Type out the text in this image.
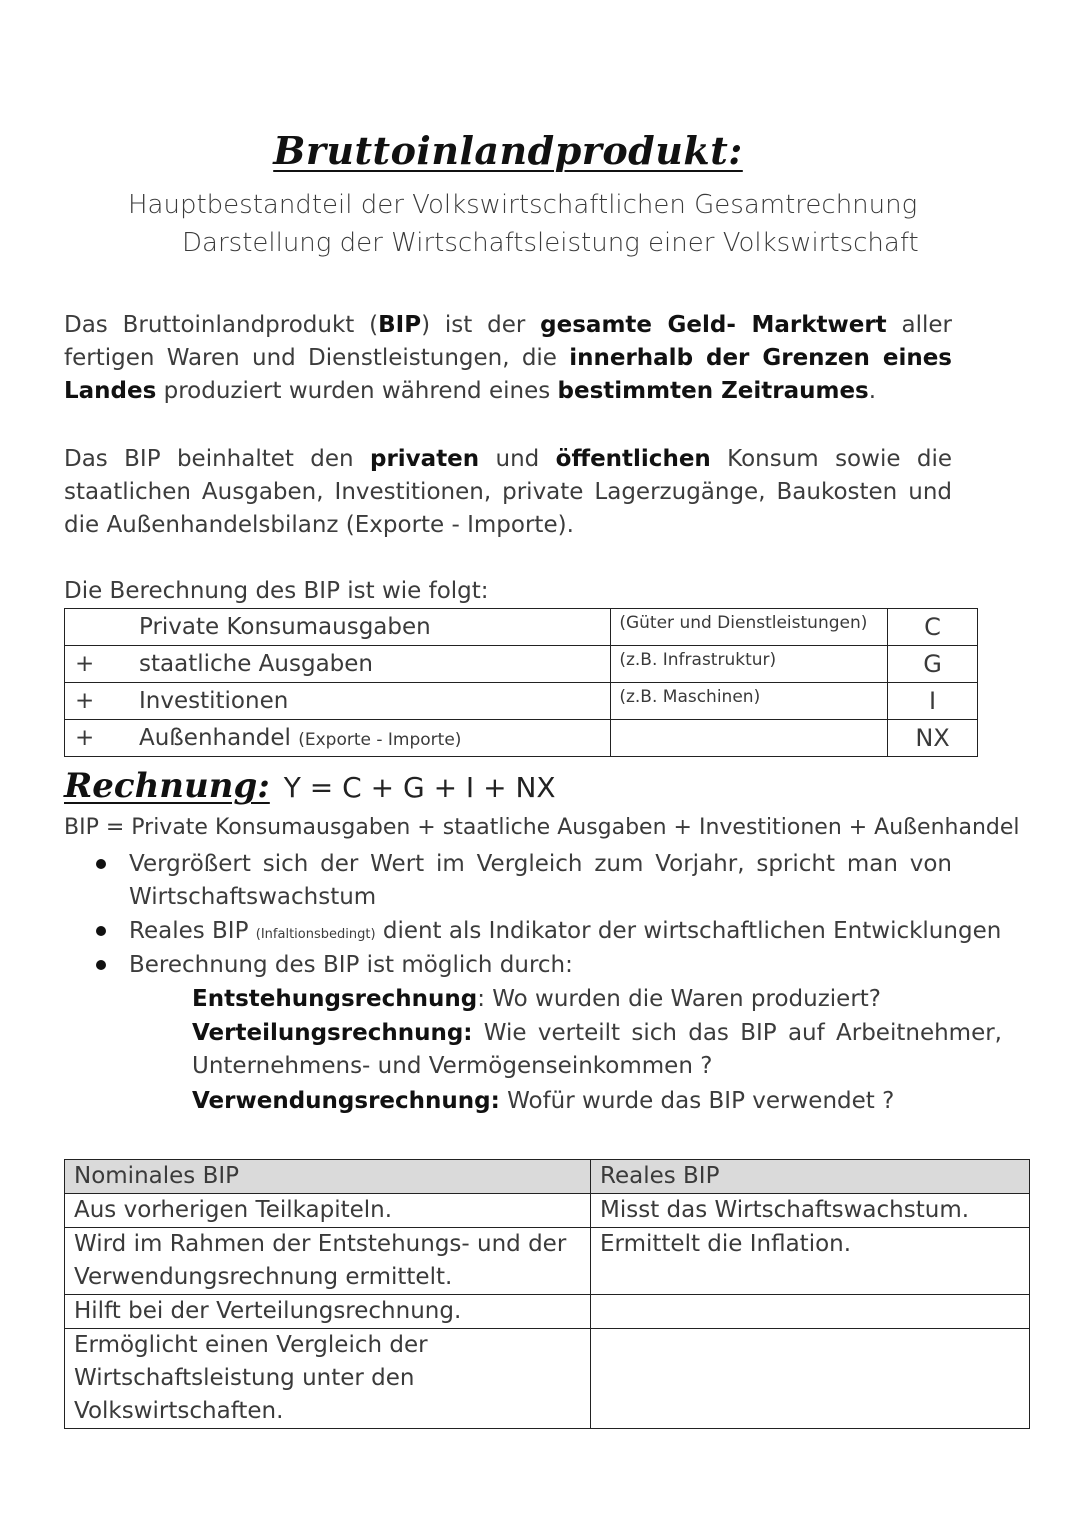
Bruttoinlandprodukt:
Hauptbestandteil der Volkswirtschaftlichen Gesamtrechnung
Darstellung der Wirtschaftsleistung einer Volkswirtschaft
Das Bruttoinlandprodukt (BIP) ist der gesamte Geld- Marktwert aller fertigen Waren und Dienstleistungen, die innerhalb der Grenzen eines Landes produziert wurden während eines bestimmten Zeitraumes.
Das BIP beinhaltet den privaten und öffentlichen Konsum sowie die staatlichen Ausgaben, Investitionen, private Lagerzugänge, Baukosten und die Außenhandelsbilanz (Exporte - Importe).
Die Berechnung des BIP ist wie folgt:
Private Konsumausgaben	(Güter und Dienstleistungen)	C
+ staatliche Ausgaben	(z.B. Infrastruktur)	G
+ Investitionen	(z.B. Maschinen)	I
+ Außenhandel (Exporte - Importe)		NX
Rechnung: Y = C + G + I + NX
BIP = Private Konsumausgaben + staatliche Ausgaben + Investitionen + Außenhandel
Vergrößert sich der Wert im Vergleich zum Vorjahr, spricht man von Wirtschaftswachstum
Reales BIP (Infaltionsbedingt) dient als Indikator der wirtschaftlichen Entwicklungen
Berechnung des BIP ist möglich durch:
Entstehungsrechnung: Wo wurden die Waren produziert?
Verteilungsrechnung: Wie verteilt sich das BIP auf Arbeitnehmer, Unternehmens- und Vermögenseinkommen ?
Verwendungsrechnung: Wofür wurde das BIP verwendet ?
Nominales BIP	Reales BIP
Aus vorherigen Teilkapiteln.	Misst das Wirtschaftswachstum.
Wird im Rahmen der Entstehungs- und der Verwendungsrechnung ermittelt.	Ermittelt die Inflation.
Hilft bei der Verteilungsrechnung.	
Ermöglicht einen Vergleich der Wirtschaftsleistung unter den Volkswirtschaften.	
